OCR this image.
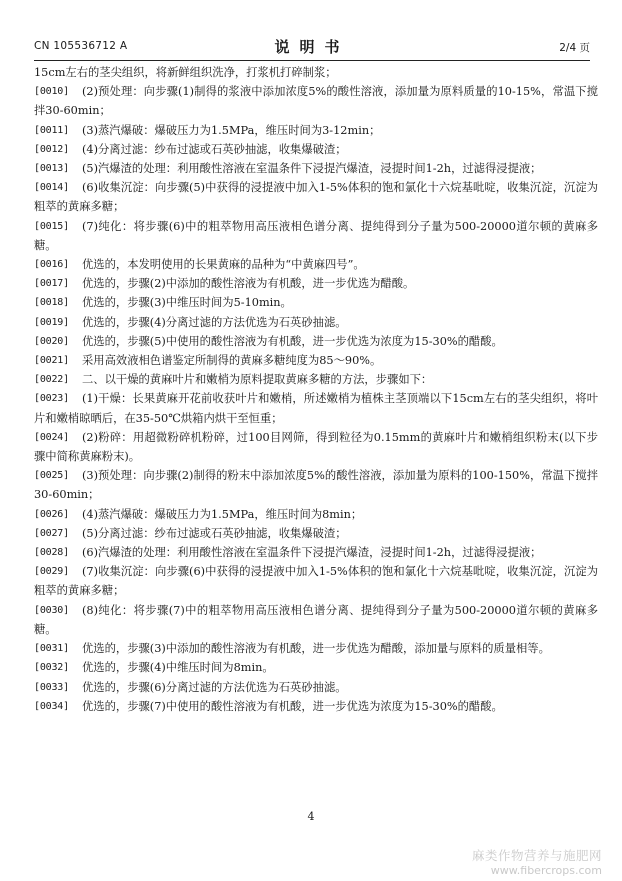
CN 105536712 A	说明书	2/4 页

15cm左右的茎尖组织，将新鲜组织洗净，打浆机打碎制浆；

[0010]	(2)预处理：向步骤(1)制得的浆液中添加浓度5%的酸性溶液，添加量为原料质量的10-15%，常温下搅拌30-60min；

[0011]	(3)蒸汽爆破：爆破压力为1.5MPa，维压时间为3-12min；

[0012]	(4)分离过滤：纱布过滤或石英砂抽滤，收集爆破渣；

[0013]	(5)汽爆渣的处理：利用酸性溶液在室温条件下浸提汽爆渣，浸提时间1-2h，过滤得浸提液；

[0014]	(6)收集沉淀：向步骤(5)中获得的浸提液中加入1-5%体积的饱和氯化十六烷基吡啶，收集沉淀，沉淀为粗萃的黄麻多糖；

[0015]	(7)纯化：将步骤(6)中的粗萃物用高压液相色谱分离、提纯得到分子量为500-20000道尔顿的黄麻多糖。

[0016]	优选的，本发明使用的长果黄麻的品种为“中黄麻四号”。

[0017]	优选的，步骤(2)中添加的酸性溶液为有机酸，进一步优选为醋酸。

[0018]	优选的，步骤(3)中维压时间为5-10min。

[0019]	优选的，步骤(4)分离过滤的方法优选为石英砂抽滤。

[0020]	优选的，步骤(5)中使用的酸性溶液为有机酸，进一步优选为浓度为15-30%的醋酸。

[0021]	采用高效液相色谱鉴定所制得的黄麻多糖纯度为85～90%。

[0022]	二、以干燥的黄麻叶片和嫩梢为原料提取黄麻多糖的方法，步骤如下：

[0023]	(1)干燥：长果黄麻开花前收获叶片和嫩梢，所述嫩梢为植株主茎顶端以下15cm左右的茎尖组织，将叶片和嫩梢晾晒后，在35-50℃烘箱内烘干至恒重；

[0024]	(2)粉碎：用超微粉碎机粉碎，过100目网筛，得到粒径为0.15mm的黄麻叶片和嫩梢组织粉末(以下步骤中简称黄麻粉末)。

[0025]	(3)预处理：向步骤(2)制得的粉末中添加浓度5%的酸性溶液，添加量为原料的100-150%，常温下搅拌30-60min；

[0026]	(4)蒸汽爆破：爆破压力为1.5MPa，维压时间为8min；

[0027]	(5)分离过滤：纱布过滤或石英砂抽滤，收集爆破渣；

[0028]	(6)汽爆渣的处理：利用酸性溶液在室温条件下浸提汽爆渣，浸提时间1-2h，过滤得浸提液；

[0029]	(7)收集沉淀：向步骤(6)中获得的浸提液中加入1-5%体积的饱和氯化十六烷基吡啶，收集沉淀，沉淀为粗萃的黄麻多糖；

[0030]	(8)纯化：将步骤(7)中的粗萃物用高压液相色谱分离、提纯得到分子量为500-20000道尔顿的黄麻多糖。

[0031]	优选的，步骤(3)中添加的酸性溶液为有机酸，进一步优选为醋酸，添加量与原料的质量相等。

[0032]	优选的，步骤(4)中维压时间为8min。

[0033]	优选的，步骤(6)分离过滤的方法优选为石英砂抽滤。

[0034]	优选的，步骤(7)中使用的酸性溶液为有机酸，进一步优选为浓度为15-30%的醋酸。

4
麻类作物营养与施肥网
www.fibercrops.com
